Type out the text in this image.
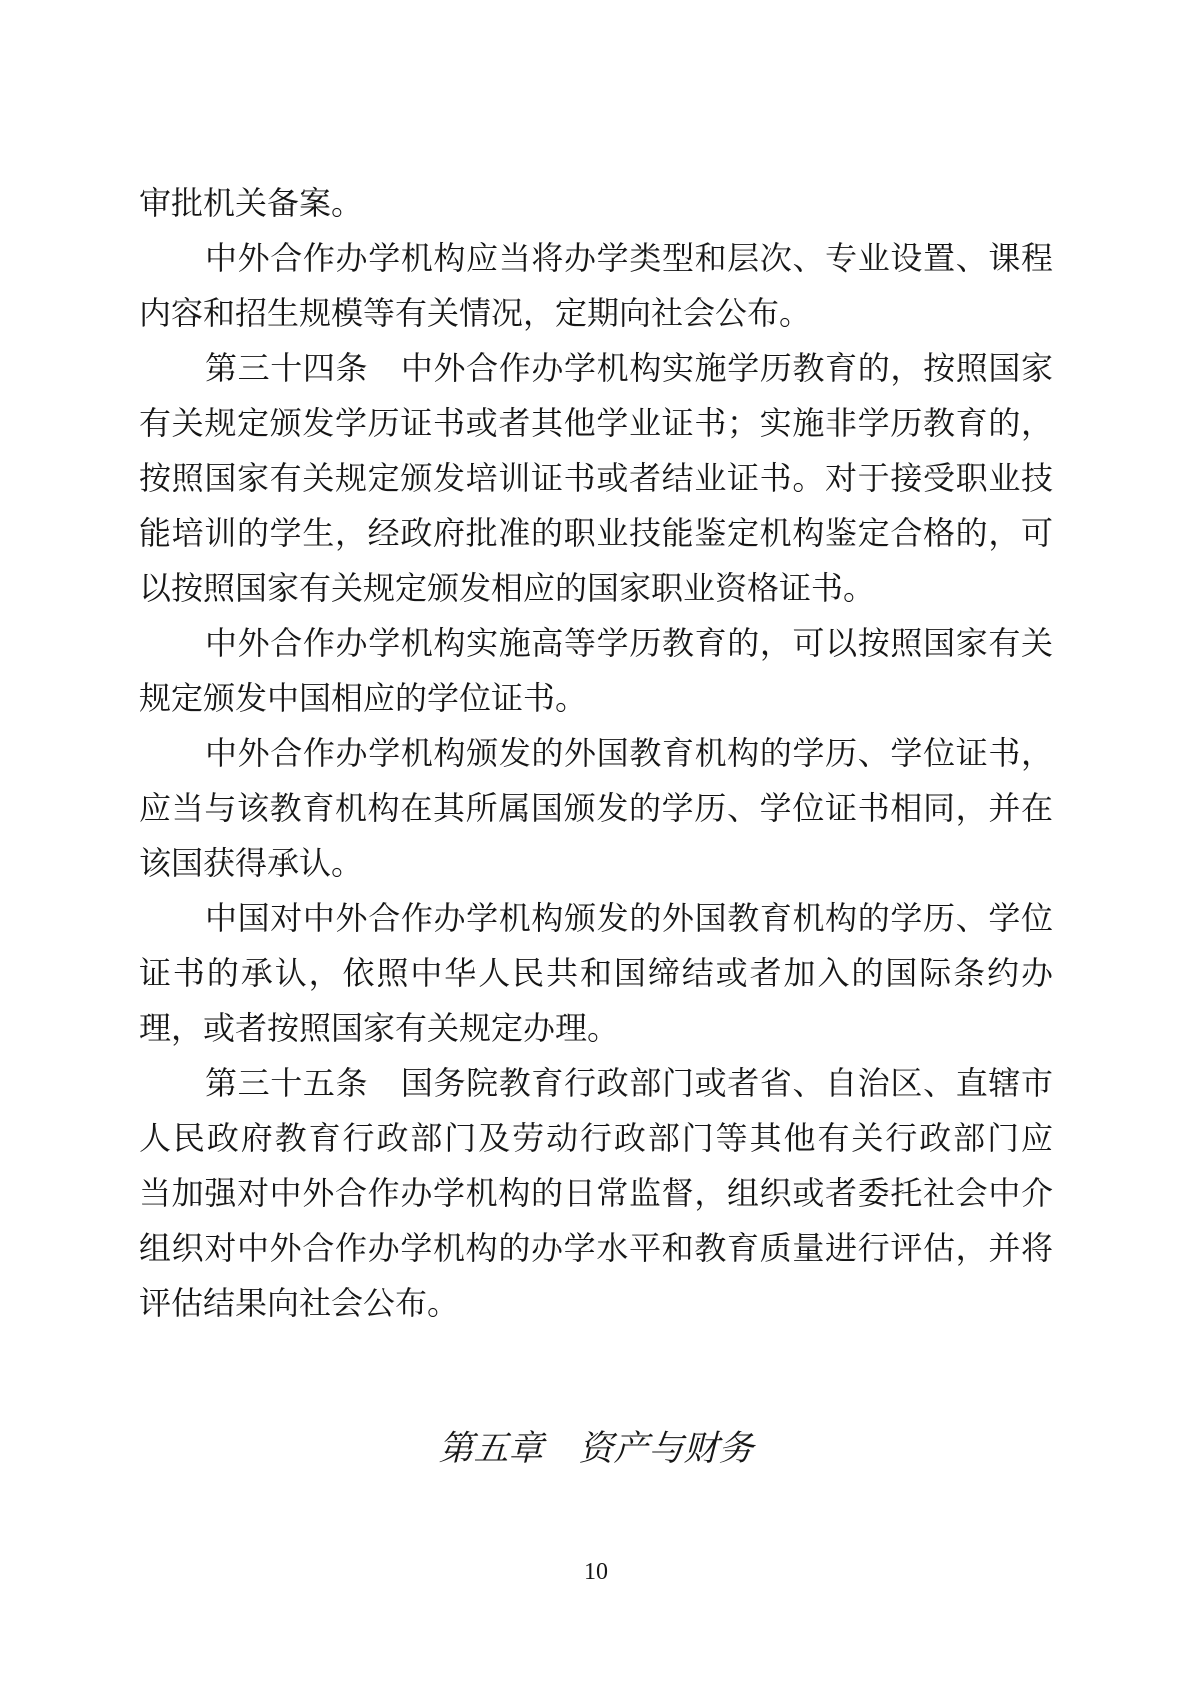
审批机关备案。
中外合作办学机构应当将办学类型和层次、专业设置、课程
内容和招生规模等有关情况，定期向社会公布。
第三十四条　中外合作办学机构实施学历教育的，按照国家
有关规定颁发学历证书或者其他学业证书；实施非学历教育的，
按照国家有关规定颁发培训证书或者结业证书。对于接受职业技
能培训的学生，经政府批准的职业技能鉴定机构鉴定合格的，可
以按照国家有关规定颁发相应的国家职业资格证书。
中外合作办学机构实施高等学历教育的，可以按照国家有关
规定颁发中国相应的学位证书。
中外合作办学机构颁发的外国教育机构的学历、学位证书，
应当与该教育机构在其所属国颁发的学历、学位证书相同，并在
该国获得承认。
中国对中外合作办学机构颁发的外国教育机构的学历、学位
证书的承认，依照中华人民共和国缔结或者加入的国际条约办
理，或者按照国家有关规定办理。
第三十五条　国务院教育行政部门或者省、自治区、直辖市
人民政府教育行政部门及劳动行政部门等其他有关行政部门应
当加强对中外合作办学机构的日常监督，组织或者委托社会中介
组织对中外合作办学机构的办学水平和教育质量进行评估，并将
评估结果向社会公布。
第五章　资产与财务
10
